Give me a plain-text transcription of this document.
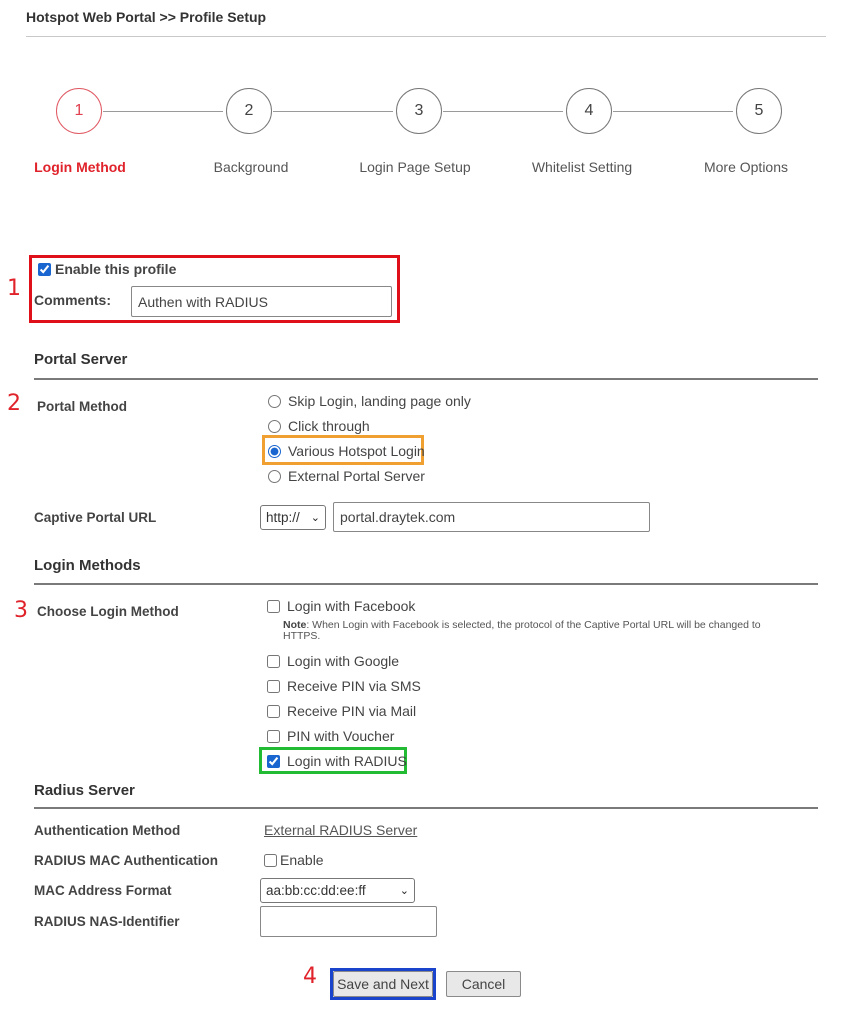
Hotspot Web Portal >> Profile Setup
1	2	3	4	5
Login Method	Background	Login Page Setup	Whitelist Setting	More Options
1
2
3
4
Enable this profile
Comments:
Authen with RADIUS
Portal Server
Portal Method	Skip Login, landing page only
Click through
Various Hotspot Login
External Portal Server
Captive Portal URL	http:// ⌄
portal.draytek.com
Login Methods
Choose Login Method	Login with Facebook
Note: When Login with Facebook is selected, the protocol of the Captive Portal URL will be changed to HTTPS.
Login with Google
Receive PIN via SMS
Receive PIN via Mail
PIN with Voucher
Login with RADIUS
Radius Server
Authentication Method	External RADIUS Server
RADIUS MAC Authentication	Enable
MAC Address Format	aa:bb:cc:dd:ee:ff	⌄
RADIUS NAS-Identifier
Save and Next	Cancel
